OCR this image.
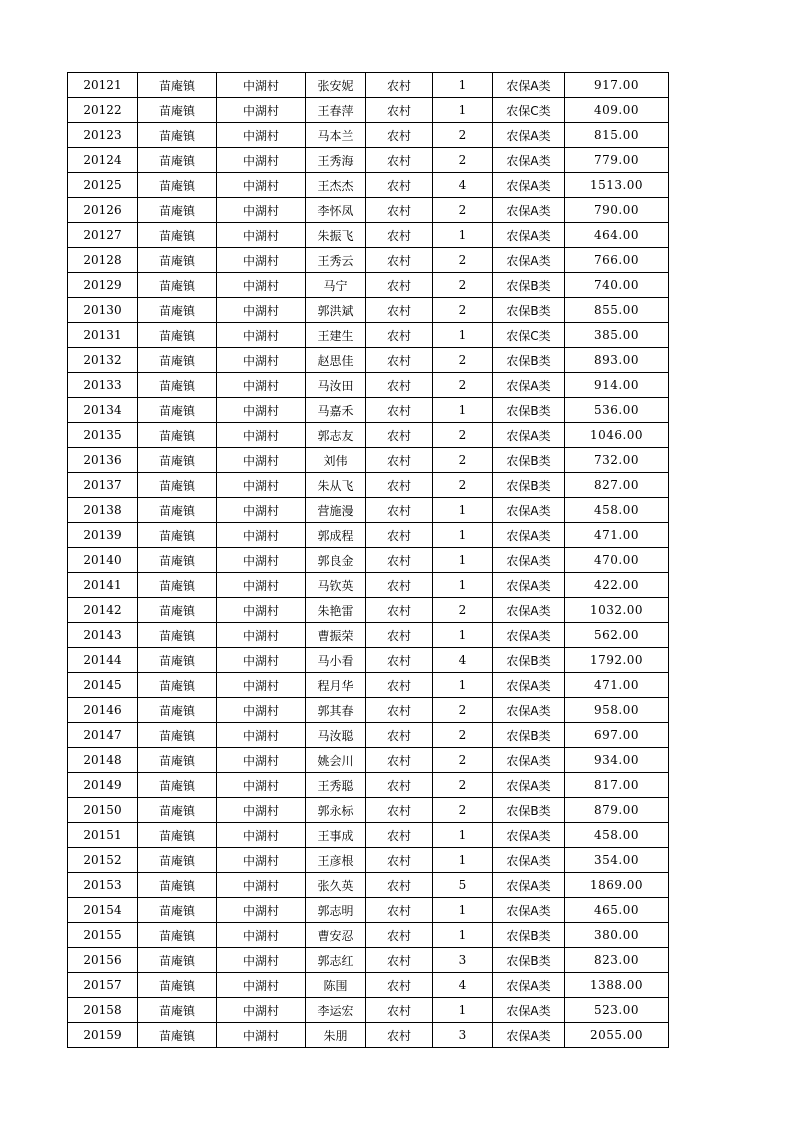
20121	苗庵镇	中湖村	张安妮	农村	1	农保A类	917.00
20122	苗庵镇	中湖村	王春萍	农村	1	农保C类	409.00
20123	苗庵镇	中湖村	马本兰	农村	2	农保A类	815.00
20124	苗庵镇	中湖村	王秀海	农村	2	农保A类	779.00
20125	苗庵镇	中湖村	王杰杰	农村	4	农保A类	1513.00
20126	苗庵镇	中湖村	李怀凤	农村	2	农保A类	790.00
20127	苗庵镇	中湖村	朱振飞	农村	1	农保A类	464.00
20128	苗庵镇	中湖村	王秀云	农村	2	农保A类	766.00
20129	苗庵镇	中湖村	马宁	农村	2	农保B类	740.00
20130	苗庵镇	中湖村	郭洪斌	农村	2	农保B类	855.00
20131	苗庵镇	中湖村	王建生	农村	1	农保C类	385.00
20132	苗庵镇	中湖村	赵思佳	农村	2	农保B类	893.00
20133	苗庵镇	中湖村	马汝田	农村	2	农保A类	914.00
20134	苗庵镇	中湖村	马嘉禾	农村	1	农保B类	536.00
20135	苗庵镇	中湖村	郭志友	农村	2	农保A类	1046.00
20136	苗庵镇	中湖村	刘伟	农村	2	农保B类	732.00
20137	苗庵镇	中湖村	朱从飞	农村	2	农保B类	827.00
20138	苗庵镇	中湖村	营施漫	农村	1	农保A类	458.00
20139	苗庵镇	中湖村	郭成程	农村	1	农保A类	471.00
20140	苗庵镇	中湖村	郭良金	农村	1	农保A类	470.00
20141	苗庵镇	中湖村	马钦英	农村	1	农保A类	422.00
20142	苗庵镇	中湖村	朱艳雷	农村	2	农保A类	1032.00
20143	苗庵镇	中湖村	曹振荣	农村	1	农保A类	562.00
20144	苗庵镇	中湖村	马小看	农村	4	农保B类	1792.00
20145	苗庵镇	中湖村	程月华	农村	1	农保A类	471.00
20146	苗庵镇	中湖村	郭其春	农村	2	农保A类	958.00
20147	苗庵镇	中湖村	马汝聪	农村	2	农保B类	697.00
20148	苗庵镇	中湖村	姚会川	农村	2	农保A类	934.00
20149	苗庵镇	中湖村	王秀聪	农村	2	农保A类	817.00
20150	苗庵镇	中湖村	郭永标	农村	2	农保B类	879.00
20151	苗庵镇	中湖村	王事成	农村	1	农保A类	458.00
20152	苗庵镇	中湖村	王彦根	农村	1	农保A类	354.00
20153	苗庵镇	中湖村	张久英	农村	5	农保A类	1869.00
20154	苗庵镇	中湖村	郭志明	农村	1	农保A类	465.00
20155	苗庵镇	中湖村	曹安忍	农村	1	农保B类	380.00
20156	苗庵镇	中湖村	郭志红	农村	3	农保B类	823.00
20157	苗庵镇	中湖村	陈围	农村	4	农保A类	1388.00
20158	苗庵镇	中湖村	李运宏	农村	1	农保A类	523.00
20159	苗庵镇	中湖村	朱朋	农村	3	农保A类	2055.00
